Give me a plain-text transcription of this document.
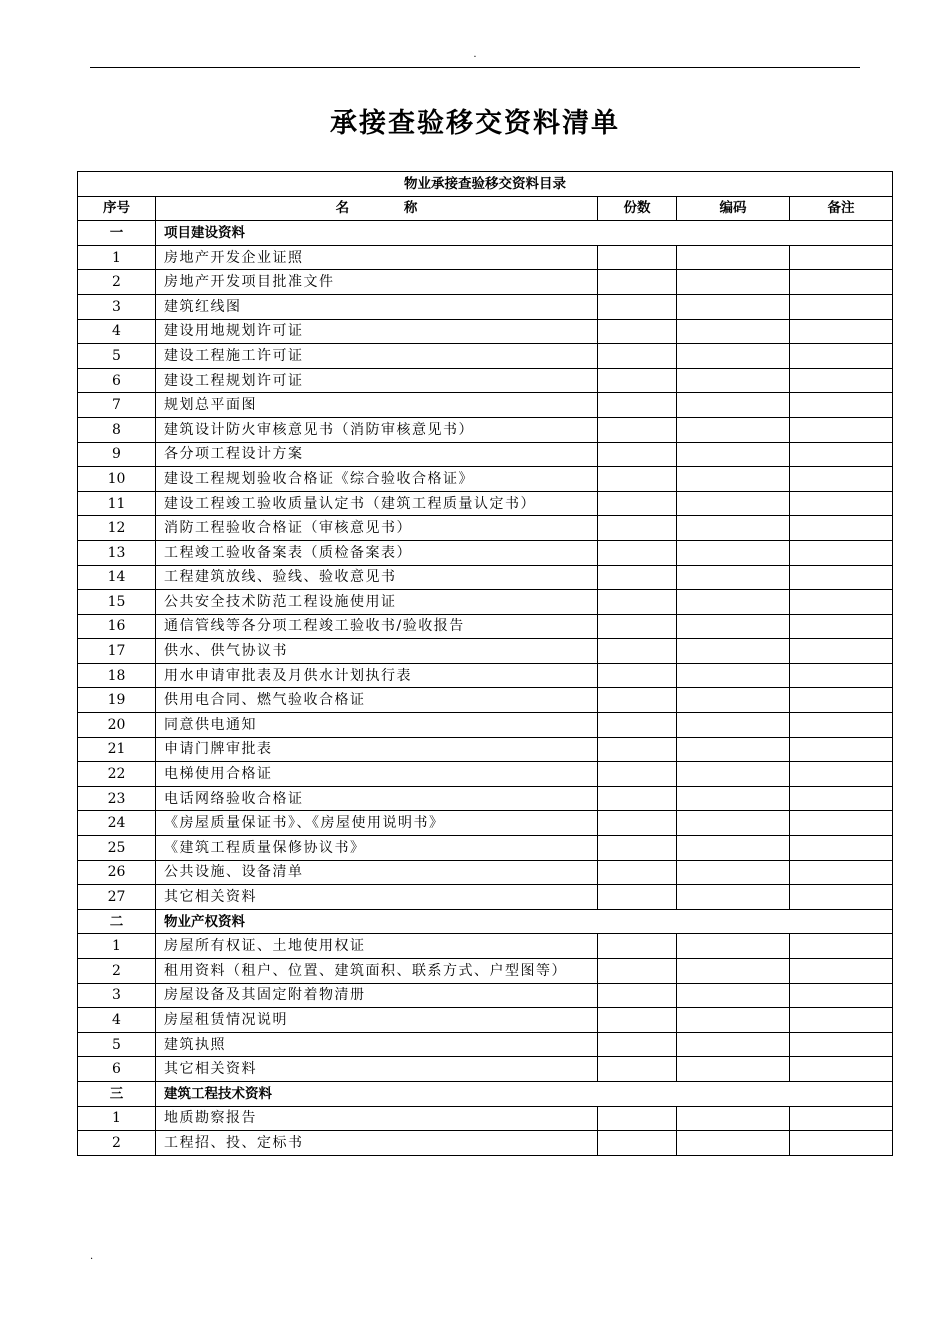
.
承接查验移交资料清单
物业承接查验移交资料目录				
序号	名 称	份数	编码	备注
一	项目建设资料			
1	房地产开发企业证照			
2	房地产开发项目批准文件			
3	建筑红线图			
4	建设用地规划许可证			
5	建设工程施工许可证			
6	建设工程规划许可证			
7	规划总平面图			
8	建筑设计防火审核意见书（消防审核意见书）			
9	各分项工程设计方案			
10	建设工程规划验收合格证《综合验收合格证》			
11	建设工程竣工验收质量认定书（建筑工程质量认定书）			
12	消防工程验收合格证（审核意见书）			
13	工程竣工验收备案表（质检备案表）			
14	工程建筑放线、验线、验收意见书			
15	公共安全技术防范工程设施使用证			
16	通信管线等各分项工程竣工验收书/验收报告			
17	供水、供气协议书			
18	用水申请审批表及月供水计划执行表			
19	供用电合同、燃气验收合格证			
20	同意供电通知			
21	申请门牌审批表			
22	电梯使用合格证			
23	电话网络验收合格证			
24	《房屋质量保证书》、《房屋使用说明书》			
25	《建筑工程质量保修协议书》			
26	公共设施、设备清单			
27	其它相关资料			
二	物业产权资料			
1	房屋所有权证、土地使用权证			
2	租用资料（租户、位置、建筑面积、联系方式、户型图等）			
3	房屋设备及其固定附着物清册			
4	房屋租赁情况说明			
5	建筑执照			
6	其它相关资料			
三	建筑工程技术资料			
1	地质勘察报告			
2	工程招、投、定标书			
.
